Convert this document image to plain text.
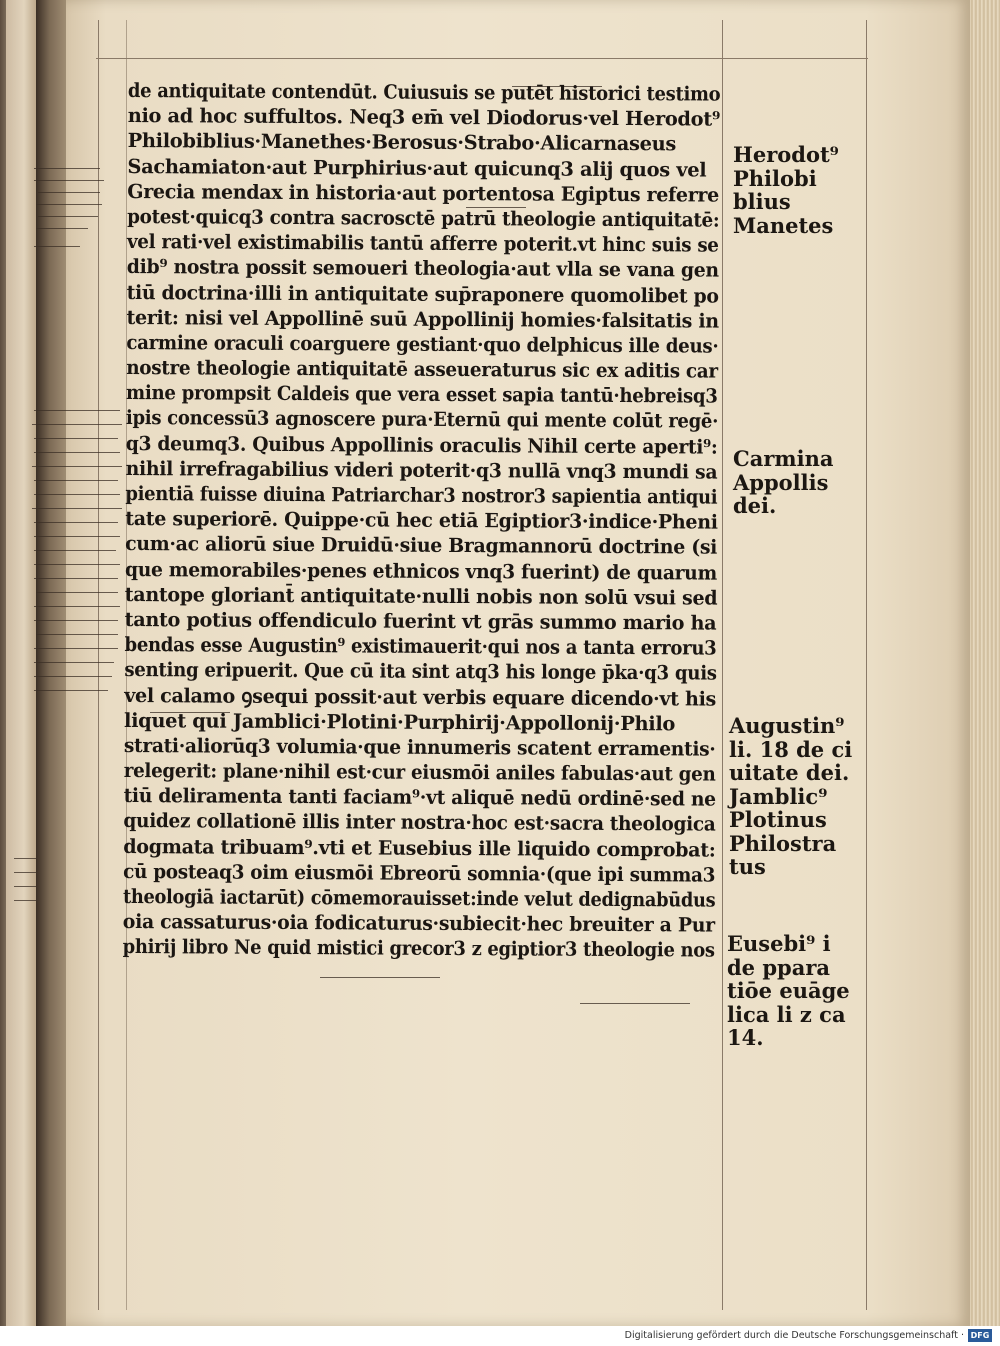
de antiquitate contendūt. Cuiusuis se putēt historici testimo
nio ad hoc suffultos. Neq3 em̄ vel Diodorus·vel Herodot⁹
Philobiblius·Manethes·Berosus·Strabo·Alicarnaseus
Sachamiaton·aut Purphirius·aut quicunq3 alij quos vel
Grecia mendax in historia·aut portentosa Egiptus referre
potest·quicq3 contra sacrosctē patrū theologie antiquitatē:
vel rati·vel existimabilis tantū afferre poterit.vt hinc suis se
dib⁹ nostra possit semoueri theologia·aut vlla se vana gen
tiū doctrina·illi in antiquitate sup̄raponere quomolibet po
terit: nisi vel Appollinē suū Appollinij homies·falsitatis in
carmine oraculi coarguere gestiant·quo delphicus ille deus·
nostre theologie antiquitatē asseueraturus sic ex aditis car
mine prompsit Caldeis que vera esset sapia tantū·hebreisq3
ipis concessū3 agnoscere pura·Eternū qui mente colūt regē·
q3 deumq3. Quibus Appollinis oraculis Nihil certe aperti⁹:
nihil irrefragabilius videri poterit·q3 nullā vnq3 mundi sa
pientiā fuisse diuina Patriarchar3 nostror3 sapientia antiqui
tate superiorē. Quippe·cū hec etiā Egiptior3·indice·Pheni
cum·ac aliorū siue Druidū·siue Bragmannorū doctrine (si
que memorabiles·penes ethnicos vnq3 fuerint) de quarum
tantope gloriant̄ antiquitate·nulli nobis non solū vsui sed
tanto potius offendiculo fuerint vt grās summo mario ha
bendas esse Augustin⁹ existimauerit·qui nos a tanta erroru3
senting eripuerit. Que cū ita sint atq3 his longe p̄ka·q3 quis
vel calamo ꝯsequi possit·aut verbis equare dicendo·vt his
liquet qui Jamblici·Plotini·Purphirij·Appollonij·Philo
strati·aliorūq3 volumia·que innumeris scatent erramentis·
relegerit: plane·nihil est·cur eiusmōi aniles fabulas·aut gen
tiū deliramenta tanti faciam⁹·vt aliquē nedū ordinē·sed ne
quidez collationē illis inter nostra·hoc est·sacra theologica
dogmata tribuam⁹.vti et Eusebius ille liquido comprobat:
cū posteaq3 oim eiusmōi Ebreorū somnia·(que ipi summa3
theologiā iactarūt) cōmemorauisset:inde velut dedignabūdus
oia cassaturus·oia fodicaturus·subiecit·hec breuiter a Pur
phirij libro Ne quid mistici grecor3 z egiptior3 theologie nos
Herodot⁹
Philobi
blius
Manetes
Carmina
Appollis
dei.
Augustin⁹
li. 18 de ci
uitate dei.
Jamblic⁹
Plotinus
Philostra
tus
Eusebi⁹ i
de ppara
tiōe euāge
lica li z ca
14.
Digitalisierung gefördert durch die Deutsche Forschungsgemeinschaft · DFG
